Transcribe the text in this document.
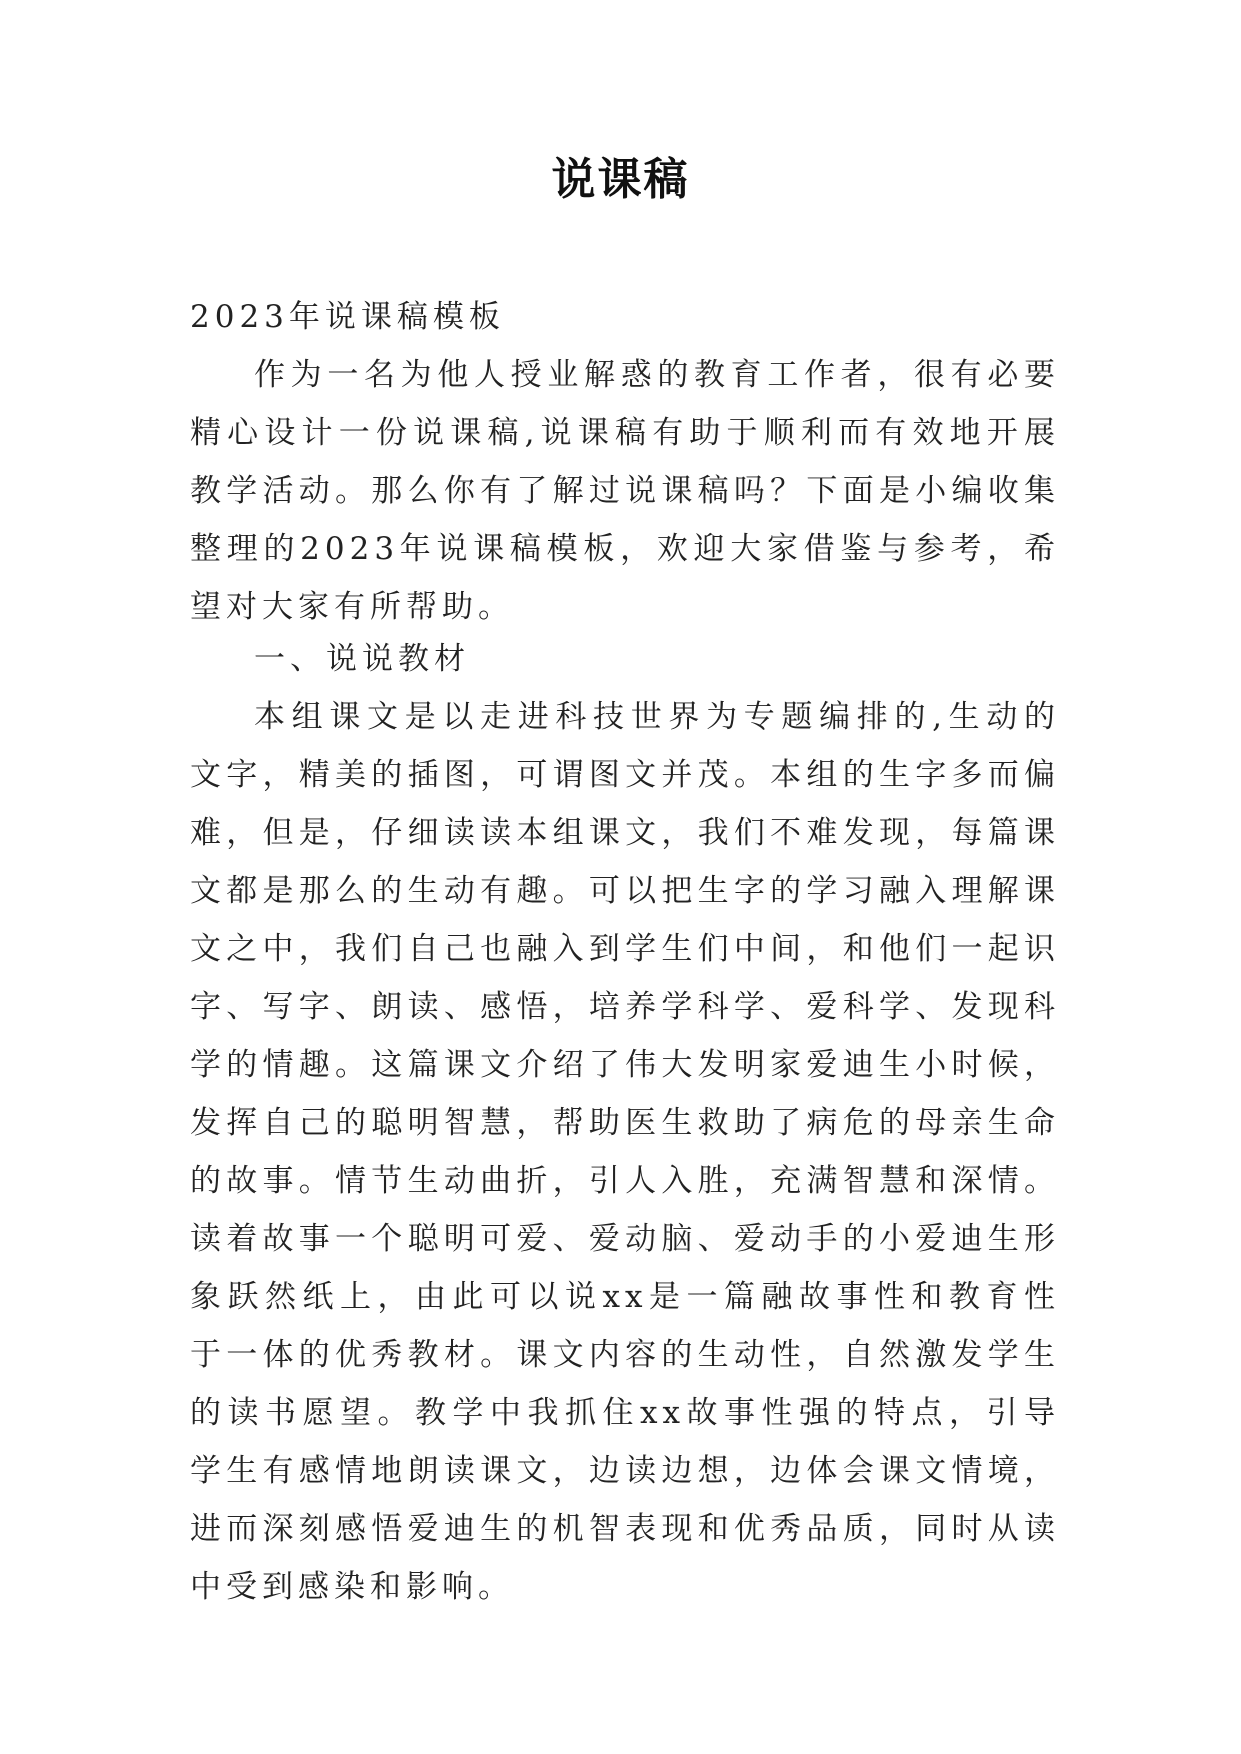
说课稿

2023年说课稿模板

作为一名为他人授业解惑的教育工作者，很有必要精心设计一份说课稿,说课稿有助于顺利而有效地开展教学活动。那么你有了解过说课稿吗？下面是小编收集整理的2023年说课稿模板，欢迎大家借鉴与参考，希望对大家有所帮助。

一、说说教材

本组课文是以走进科技世界为专题编排的,生动的文字，精美的插图，可谓图文并茂。本组的生字多而偏难，但是，仔细读读本组课文，我们不难发现，每篇课文都是那么的生动有趣。可以把生字的学习融入理解课文之中，我们自己也融入到学生们中间，和他们一起识字、写字、朗读、感悟，培养学科学、爱科学、发现科学的情趣。这篇课文介绍了伟大发明家爱迪生小时候，发挥自己的聪明智慧，帮助医生救助了病危的母亲生命的故事。情节生动曲折，引人入胜，充满智慧和深情。读着故事一个聪明可爱、爱动脑、爱动手的小爱迪生形象跃然纸上，由此可以说xx是一篇融故事性和教育性于一体的优秀教材。课文内容的生动性，自然激发学生的读书愿望。教学中我抓住xx故事性强的特点，引导学生有感情地朗读课文，边读边想，边体会课文情境，进而深刻感悟爱迪生的机智表现和优秀品质，同时从读中受到感染和影响。
